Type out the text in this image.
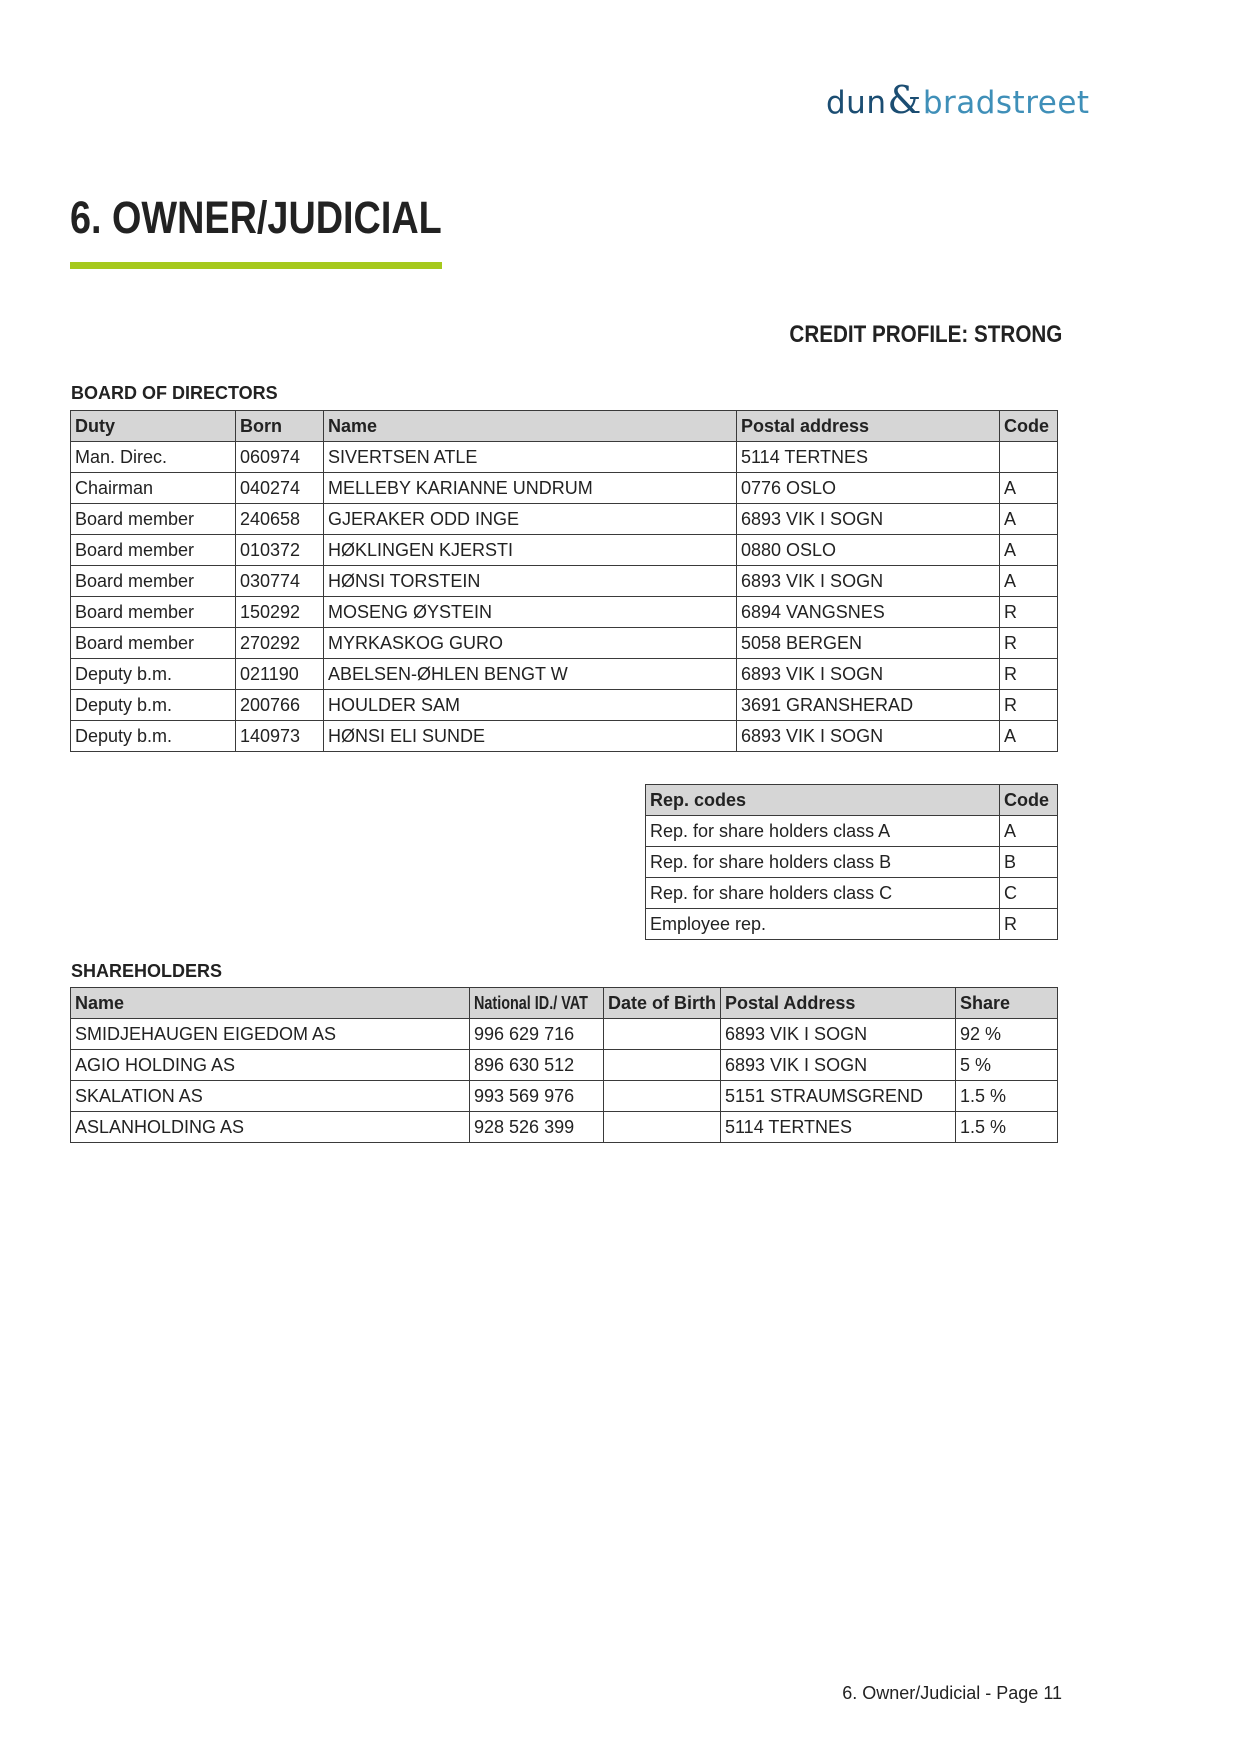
dun & bradstreet
6. OWNER/JUDICIAL
CREDIT PROFILE: STRONG
BOARD OF DIRECTORS
Duty	Born	Name	Postal address	Code
Man. Direc.	060974	SIVERTSEN ATLE	5114 TERTNES	
Chairman	040274	MELLEBY KARIANNE UNDRUM	0776 OSLO	A
Board member	240658	GJERAKER ODD INGE	6893 VIK I SOGN	A
Board member	010372	HØKLINGEN KJERSTI	0880 OSLO	A
Board member	030774	HØNSI TORSTEIN	6893 VIK I SOGN	A
Board member	150292	MOSENG ØYSTEIN	6894 VANGSNES	R
Board member	270292	MYRKASKOG GURO	5058 BERGEN	R
Deputy b.m.	021190	ABELSEN-ØHLEN BENGT W	6893 VIK I SOGN	R
Deputy b.m.	200766	HOULDER SAM	3691 GRANSHERAD	R
Deputy b.m.	140973	HØNSI ELI SUNDE	6893 VIK I SOGN	A
Rep. codes	Code
Rep. for share holders class A	A
Rep. for share holders class B	B
Rep. for share holders class C	C
Employee rep.	R
SHAREHOLDERS
Name	National ID./ VAT	Date of Birth	Postal Address	Share
SMIDJEHAUGEN EIGEDOM AS	996 629 716		6893 VIK I SOGN	92 %
AGIO HOLDING AS	896 630 512		6893 VIK I SOGN	5 %
SKALATION AS	993 569 976		5151 STRAUMSGREND	1.5 %
ASLANHOLDING AS	928 526 399		5114 TERTNES	1.5 %
6. Owner/Judicial - Page 11
